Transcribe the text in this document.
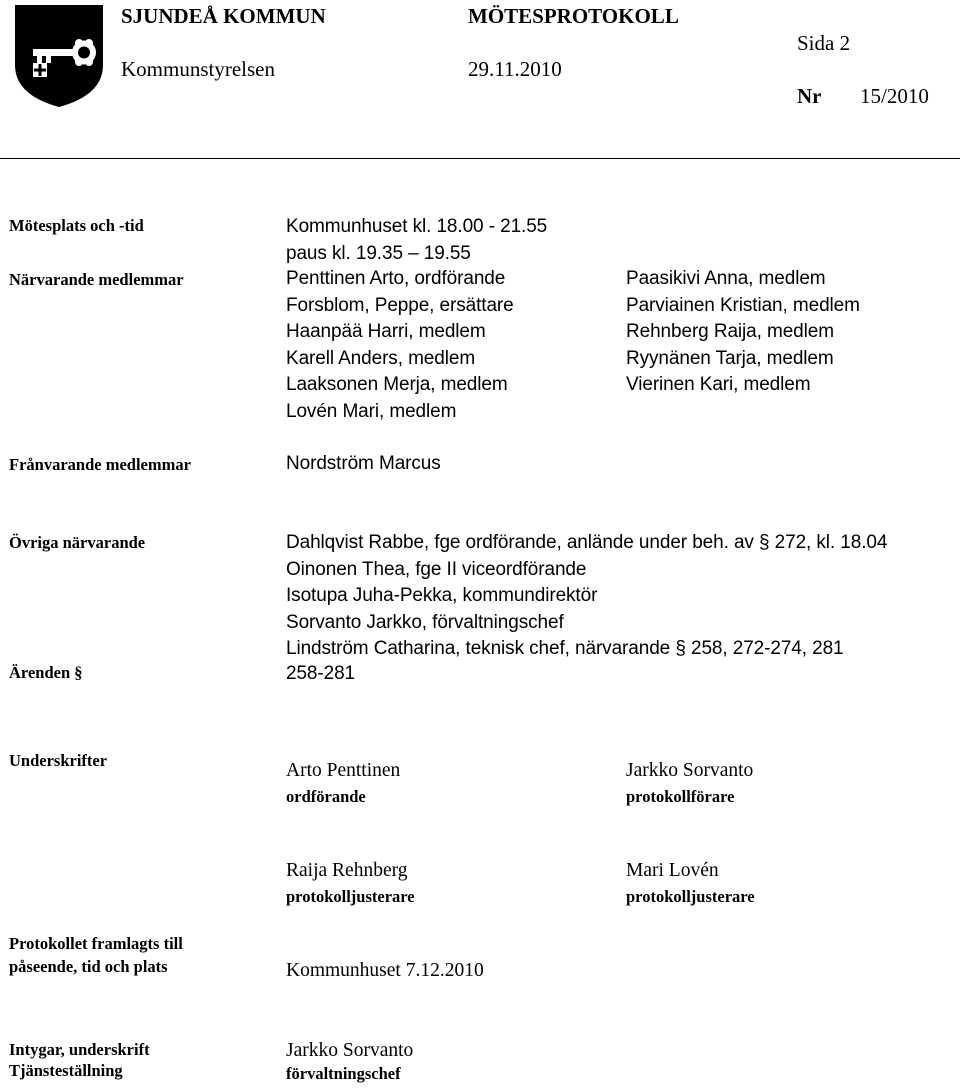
SJUNDEÅ KOMMUN
Kommunstyrelsen
MÖTESPROTOKOLL
29.11.2010
Sida 2
Nr 15/2010
Mötesplats och -tid	Kommunhuset kl. 18.00 - 21.55
paus kl. 19.35 – 19.55
Närvarande medlemmar	Penttinen Arto, ordförande
Forsblom, Peppe, ersättare
Haanpää Harri, medlem
Karell Anders, medlem
Laaksonen Merja, medlem
Lovén Mari, medlem
Paasikivi Anna, medlem
Parviainen Kristian, medlem
Rehnberg Raija, medlem
Ryynänen Tarja, medlem
Vierinen Kari, medlem
Frånvarande medlemmar	Nordström Marcus
Övriga närvarande	Dahlqvist Rabbe, fge ordförande, anlände under beh. av § 272, kl. 18.04
Oinonen Thea, fge II viceordförande
Isotupa Juha-Pekka, kommundirektör
Sorvanto Jarkko, förvaltningschef
Lindström Catharina, teknisk chef, närvarande § 258, 272-274, 281
Ärenden §	258-281
Underskrifter	Arto Penttinen
ordförande
Jarkko Sorvanto
protokollförare
Raija Rehnberg
protokolljusterare
Mari Lovén
protokolljusterare
Protokollet framlagts till
påseende, tid och plats	Kommunhuset 7.12.2010
Intygar, underskrift
Tjänsteställning
Jarkko Sorvanto
förvaltningschef
